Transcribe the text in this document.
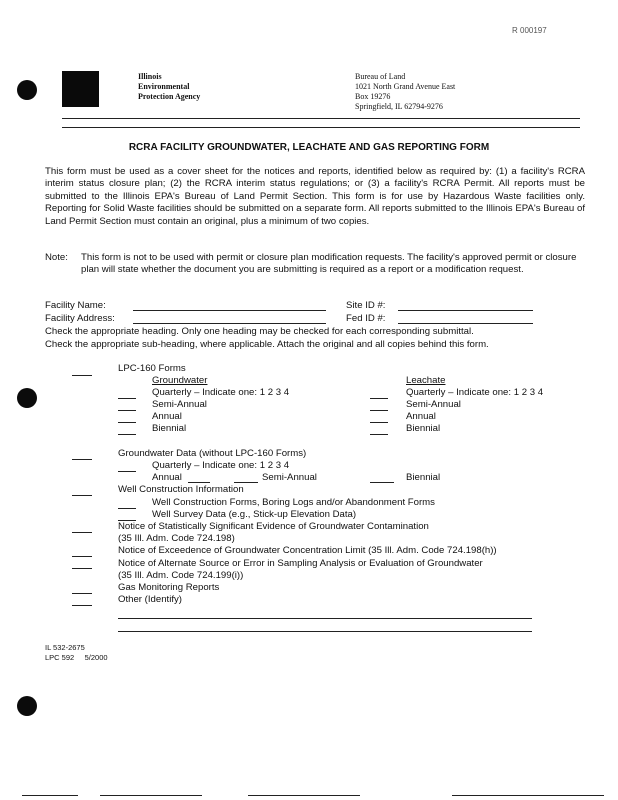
R 000197
Illinois
Environmental
Protection Agency
Bureau of Land
1021 North Grand Avenue East
Box 19276
Springfield, IL 62794-9276
RCRA FACILITY GROUNDWATER, LEACHATE AND GAS REPORTING FORM
This form must be used as a cover sheet for the notices and reports, identified below as required by: (1) a facility's RCRA interim status closure plan; (2) the RCRA interim status regulations; or (3) a facility's RCRA Permit. All reports must be submitted to the Illinois EPA's Bureau of Land Permit Section. This form is for use by Hazardous Waste facilities only. Reporting for Solid Waste facilities should be submitted on a separate form. All reports submitted to the Illinois EPA's Bureau of Land Permit Section must contain an original, plus a minimum of two copies.
Note: This form is not to be used with permit or closure plan modification requests. The facility's approved permit or closure plan will state whether the document you are submitting is required as a report or a modification request.
Facility Name:	Site ID #:
Facility Address:	Fed ID #:
Check the appropriate heading. Only one heading may be checked for each corresponding submittal.
Check the appropriate sub-heading, where applicable. Attach the original and all copies behind this form.
LPC-160 Forms
Groundwater	Leachate
Quarterly – Indicate one: 1 2 3 4	Quarterly – Indicate one: 1 2 3 4
Semi-Annual	Semi-Annual
Annual	Annual
Biennial	Biennial
Groundwater Data (without LPC-160 Forms)
Quarterly – Indicate one: 1 2 3 4
Annual	Semi-Annual	Biennial
Well Construction Information
Well Construction Forms, Boring Logs and/or Abandonment Forms
Well Survey Data (e.g., Stick-up Elevation Data)
Notice of Statistically Significant Evidence of Groundwater Contamination
(35 Ill. Adm. Code 724.198)
Notice of Exceedence of Groundwater Concentration Limit (35 Ill. Adm. Code 724.198(h))
Notice of Alternate Source or Error in Sampling Analysis or Evaluation of Groundwater
(35 Ill. Adm. Code 724.199(i))
Gas Monitoring Reports
Other (Identify)
IL 532-2675
LPC 592     5/2000
